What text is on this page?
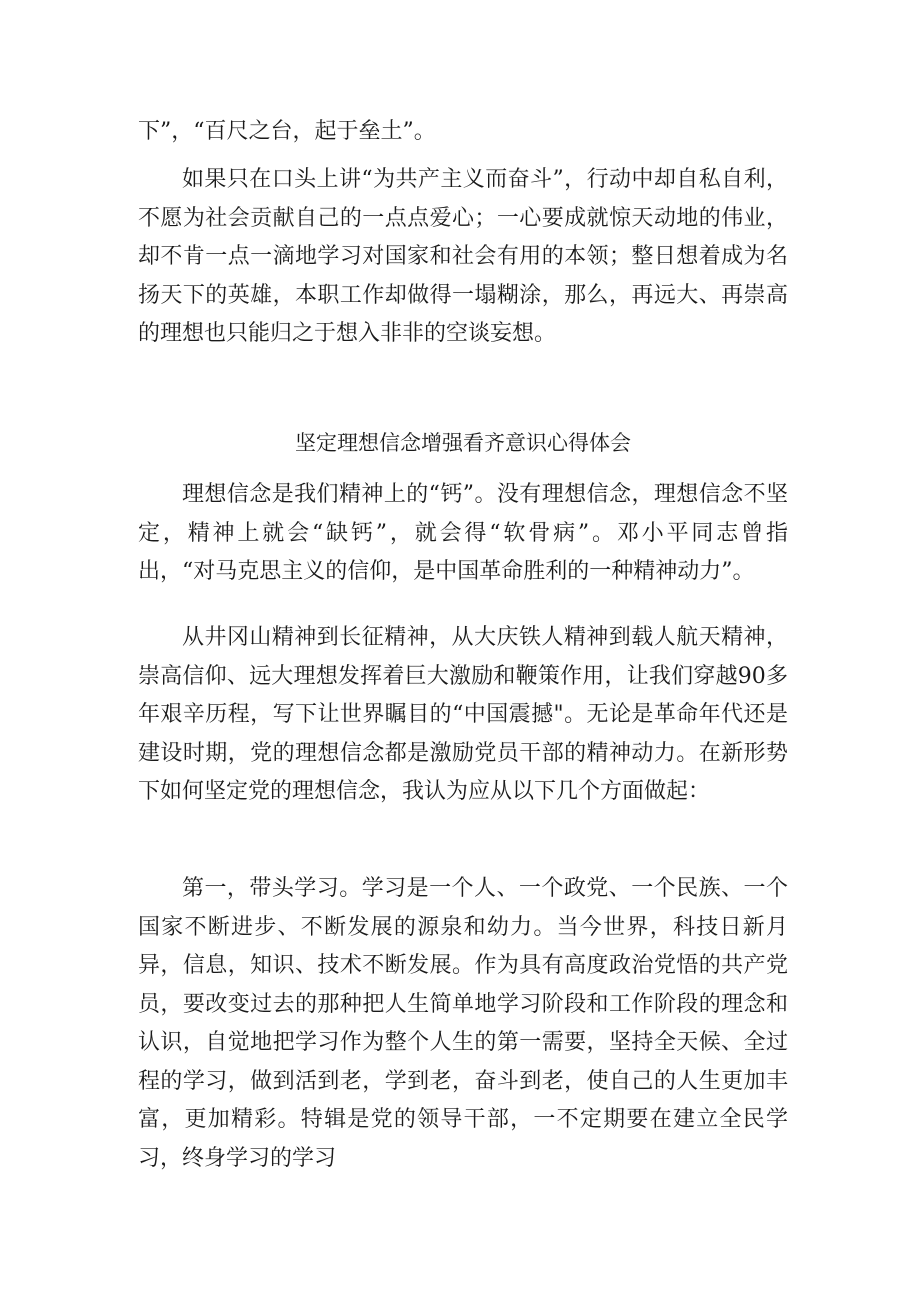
下”，“百尺之台，起于垒土”。

如果只在口头上讲“为共产主义而奋斗”，行动中却自私自利，不愿为社会贡献自己的一点点爱心；一心要成就惊天动地的伟业，却不肯一点一滴地学习对国家和社会有用的本领；整日想着成为名扬天下的英雄，本职工作却做得一塌糊涂，那么，再远大、再崇高的理想也只能归之于想入非非的空谈妄想。

坚定理想信念增强看齐意识心得体会

理想信念是我们精神上的“钙”。没有理想信念，理想信念不坚定，精神上就会“缺钙”，就会得“软骨病”。邓小平同志曾指出，“对马克思主义的信仰，是中国革命胜利的一种精神动力”。

从井冈山精神到长征精神，从大庆铁人精神到载人航天精神，崇高信仰、远大理想发挥着巨大激励和鞭策作用，让我们穿越90多年艰辛历程，写下让世界瞩目的“中国震撼"。无论是革命年代还是建设时期，党的理想信念都是激励党员干部的精神动力。在新形势下如何坚定党的理想信念，我认为应从以下几个方面做起：

第一，带头学习。学习是一个人、一个政党、一个民族、一个国家不断进步、不断发展的源泉和幼力。当今世界，科技日新月异，信息，知识、技术不断发展。作为具有高度政治党悟的共产党员，要改变过去的那种把人生简单地学习阶段和工作阶段的理念和认识，自觉地把学习作为整个人生的第一需要，坚持全天候、全过程的学习，做到活到老，学到老，奋斗到老，使自己的人生更加丰富，更加精彩。特辑是党的领导干部，一不定期要在建立全民学习，终身学习的学习
